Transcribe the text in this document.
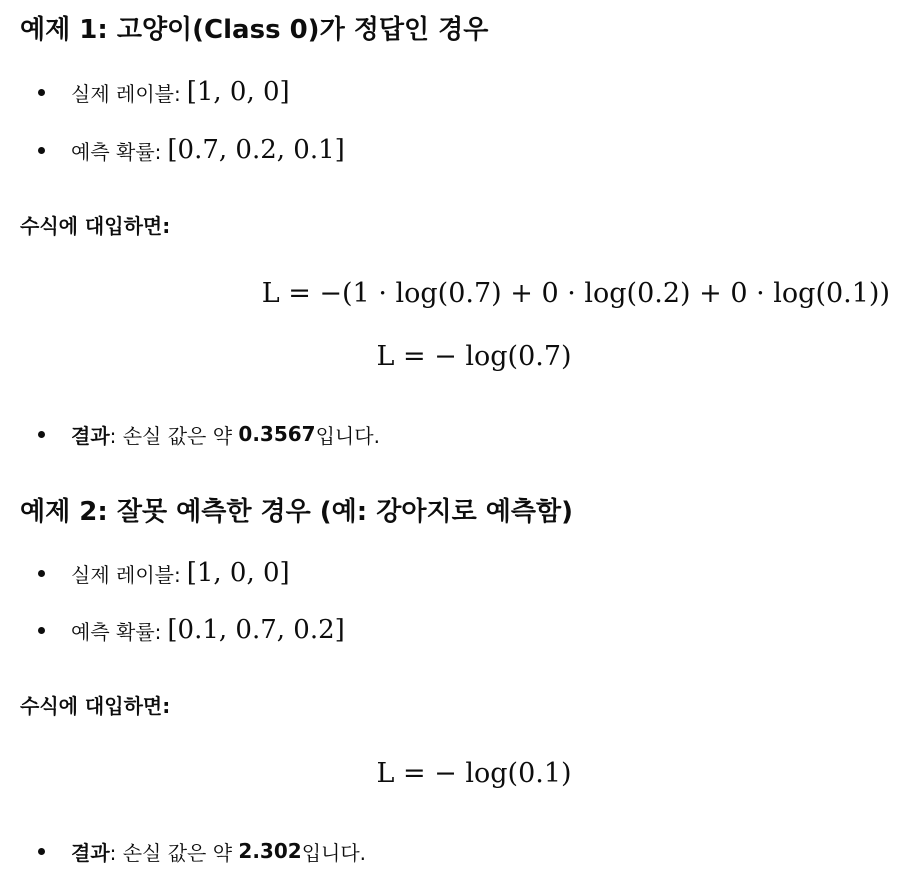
예제 1: 고양이(Class 0)가 정답인 경우
실제 레이블: [1, 0, 0]
예측 확률: [0.7, 0.2, 0.1]

수식에 대입하면:

L = −(1 · log(0.7) + 0 · log(0.2) + 0 · log(0.1))
L = − log(0.7)
결과 : 손실 값은 약 0.3567 입니다.
예제 2: 잘못 예측한 경우 (예: 강아지로 예측함)
실제 레이블: [1, 0, 0]
예측 확률: [0.1, 0.7, 0.2]

수식에 대입하면:

L = − log(0.1)
결과 : 손실 값은 약 2.302 입니다.
